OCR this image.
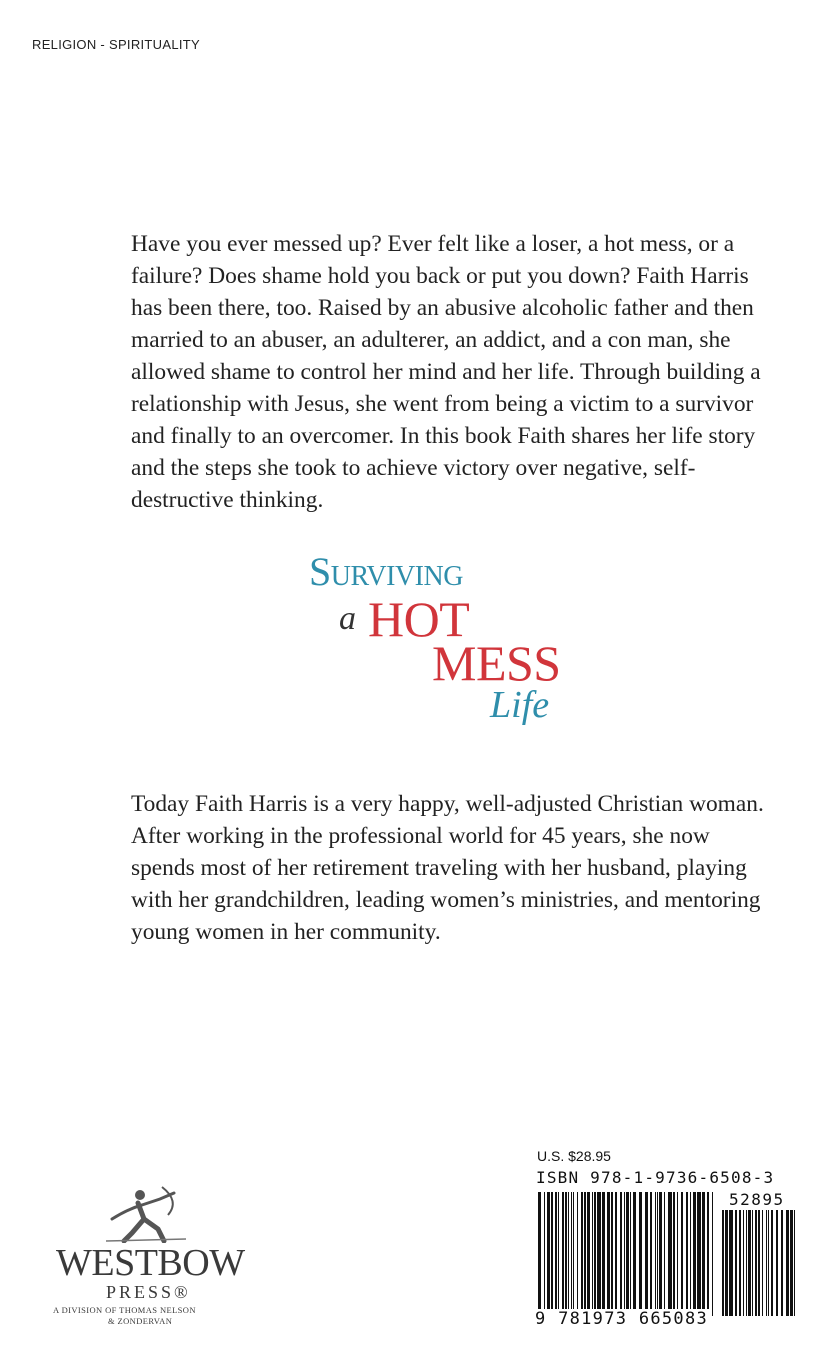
RELIGION - SPIRITUALITY

Have you ever messed up? Ever felt like a loser, a hot mess, or a failure? Does shame hold you back or put you down? Faith Harris has been there, too. Raised by an abusive alcoholic father and then married to an abuser, an adulterer, an addict, and a con man, she allowed shame to control her mind and her life. Through building a relationship with Jesus, she went from being a victim to a survivor and finally to an overcomer. In this book Faith shares her life story and the steps she took to achieve victory over negative, self-destructive thinking.

Surviving
a HOT
MESS
Life

Today Faith Harris is a very happy, well-adjusted Christian woman. After working in the professional world for 45 years, she now spends most of her retirement traveling with her husband, playing with her grandchildren, leading women’s ministries, and mentoring young women in her community.

WESTBOW
PRESS®
A DIVISION OF THOMAS NELSON
& ZONDERVAN
U.S. $28.95
ISBN 978-1-9736-6508-3
52895
9 781973 665083
